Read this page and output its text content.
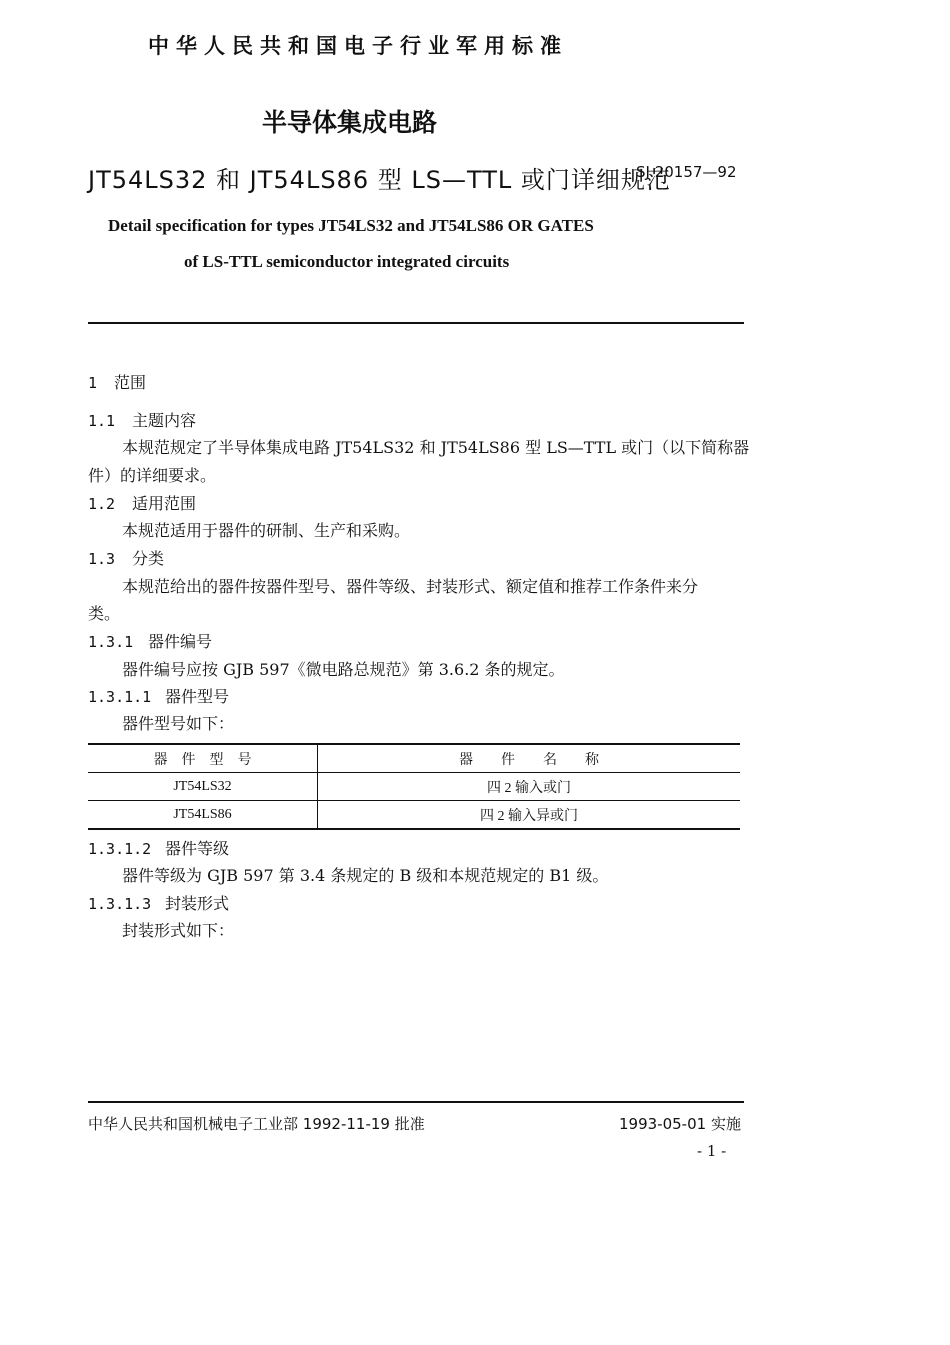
中华人民共和国电子行业军用标准
半导体集成电路
JT54LS32 和 JT54LS86 型 LS—TTL 或门详细规范
SJ 20157—92
Detail specification for types JT54LS32 and JT54LS86 OR GATES
of LS-TTL semiconductor integrated circuits
1 范围
1.1 主题内容
本规范规定了半导体集成电路 JT54LS32 和 JT54LS86 型 LS—TTL 或门（以下简称器
件）的详细要求。
1.2 适用范围
本规范适用于器件的研制、生产和采购。
1.3 分类
本规范给出的器件按器件型号、器件等级、封装形式、额定值和推荐工作条件来分
类。
1.3.1 器件编号
器件编号应按 GJB 597《微电路总规范》第 3.6.2 条的规定。
1.3.1.1 器件型号
器件型号如下：
器　件　型　号	器　　件　　名　　称
JT54LS32	四 2 输入或门
JT54LS86	四 2 输入异或门
1.3.1.2 器件等级
器件等级为 GJB 597 第 3.4 条规定的 B 级和本规范规定的 B1 级。
1.3.1.3 封装形式
封装形式如下：
中华人民共和国机械电子工业部 1992-11-19 批准	1993-05-01 实施
- 1 -
